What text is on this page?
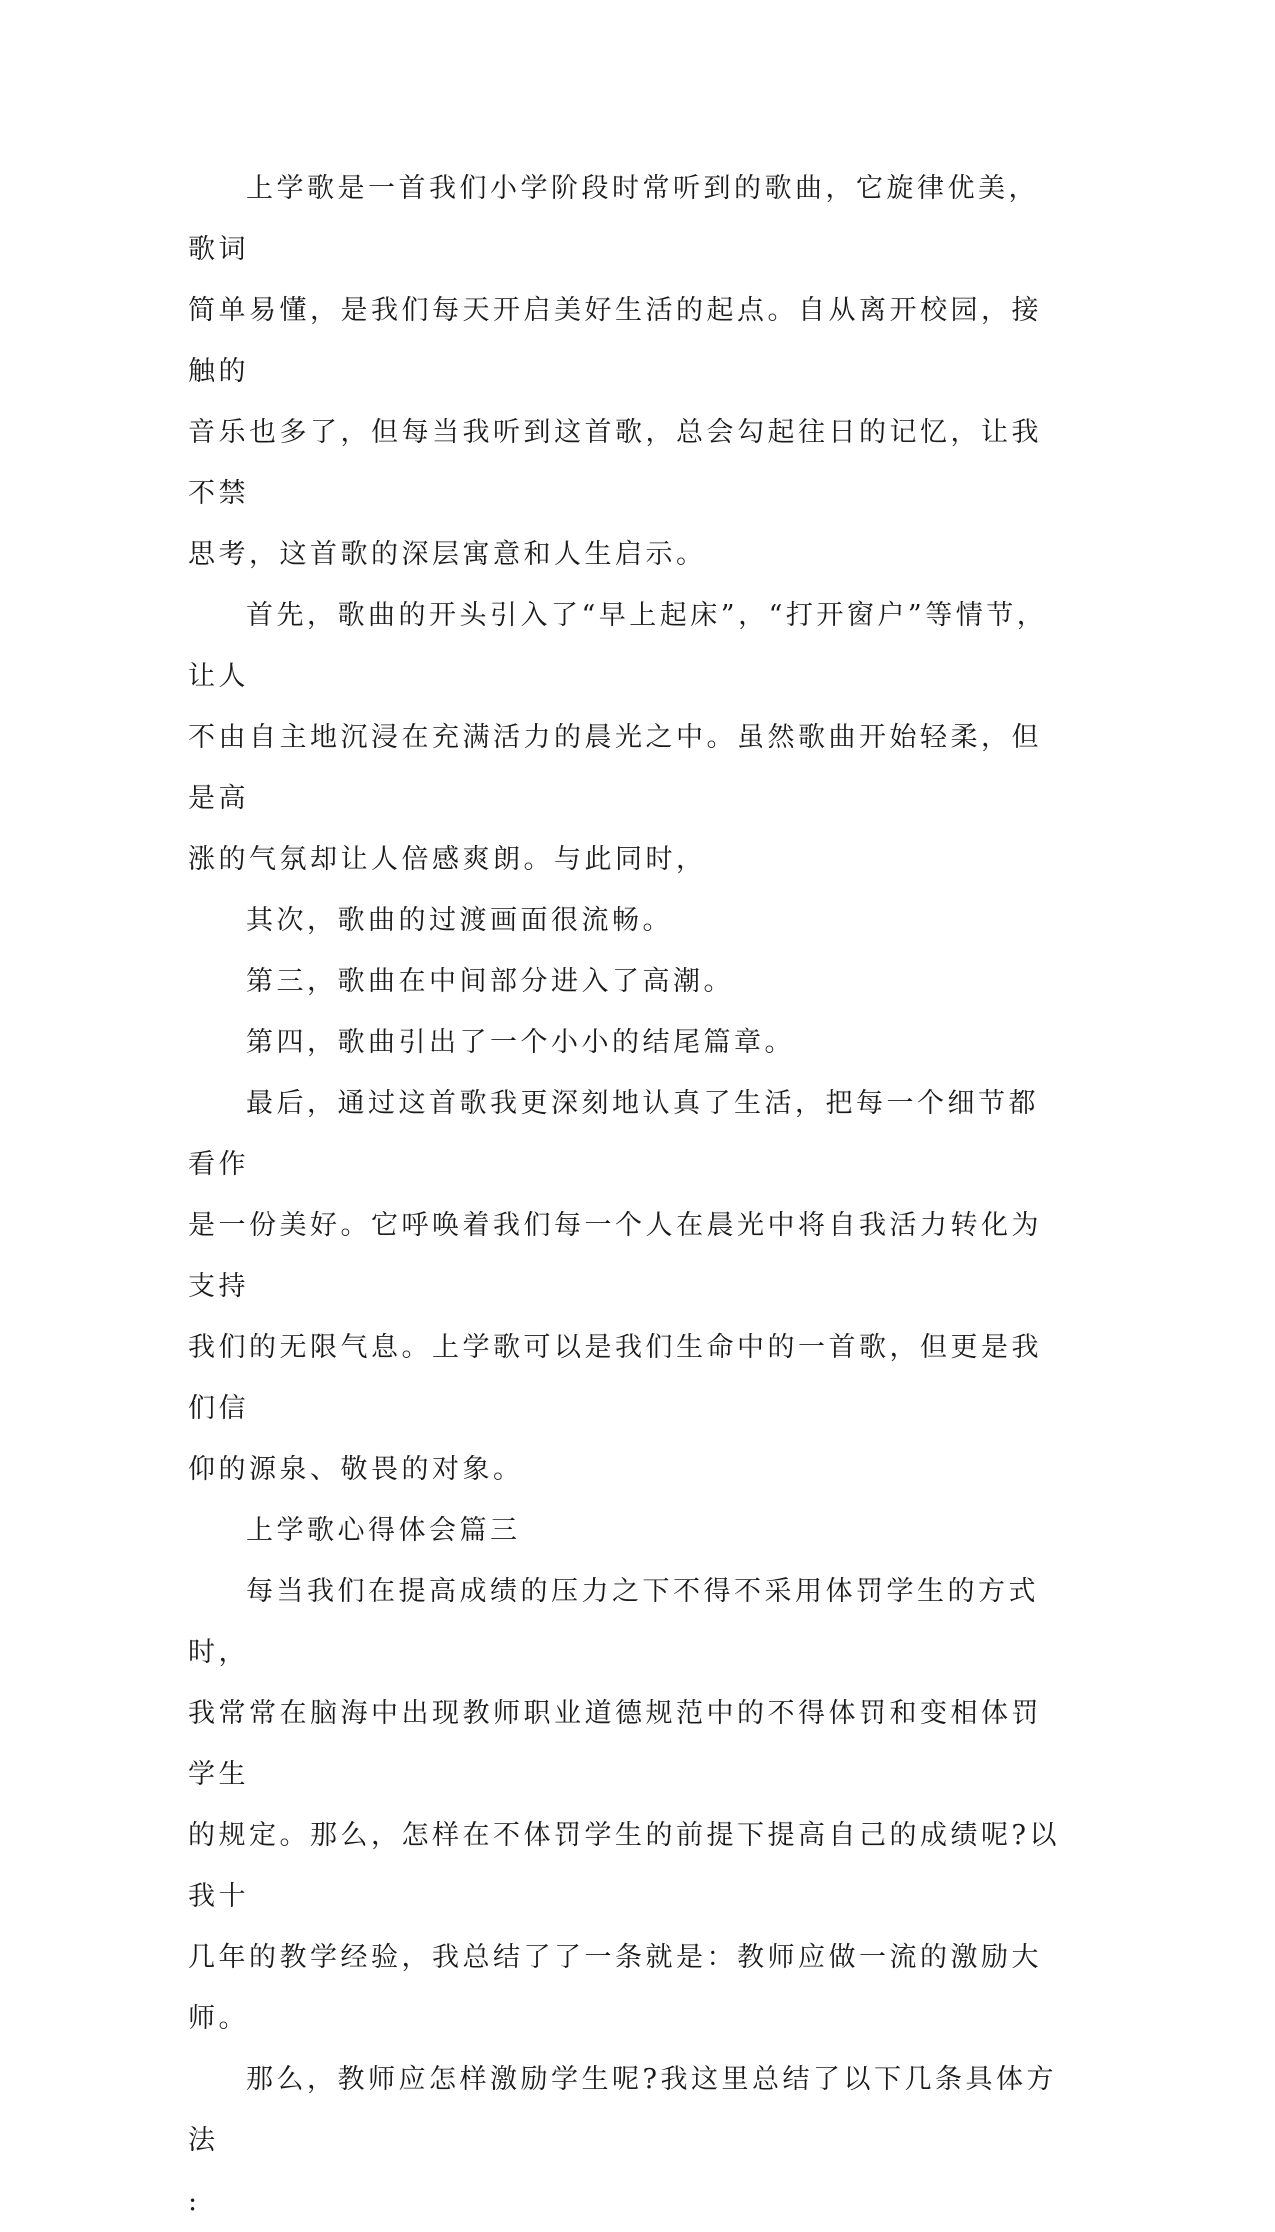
上学歌是一首我们小学阶段时常听到的歌曲，它旋律优美，歌词
简单易懂，是我们每天开启美好生活的起点。自从离开校园，接触的
音乐也多了，但每当我听到这首歌，总会勾起往日的记忆，让我不禁
思考，这首歌的深层寓意和人生启示。

首先，歌曲的开头引入了“早上起床”，“打开窗户”等情节，让人
不由自主地沉浸在充满活力的晨光之中。虽然歌曲开始轻柔，但是高
涨的气氛却让人倍感爽朗。与此同时，

其次，歌曲的过渡画面很流畅。

第三，歌曲在中间部分进入了高潮。

第四，歌曲引出了一个小小的结尾篇章。

最后，通过这首歌我更深刻地认真了生活，把每一个细节都看作
是一份美好。它呼唤着我们每一个人在晨光中将自我活力转化为支持
我们的无限气息。上学歌可以是我们生命中的一首歌，但更是我们信
仰的源泉、敬畏的对象。

上学歌心得体会篇三

每当我们在提高成绩的压力之下不得不采用体罚学生的方式时，
我常常在脑海中出现教师职业道德规范中的不得体罚和变相体罚学生
的规定。那么，怎样在不体罚学生的前提下提高自己的成绩呢?以我十
几年的教学经验，我总结了了一条就是：教师应做一流的激励大师。

那么，教师应怎样激励学生呢?我这里总结了以下几条具体方法

:
